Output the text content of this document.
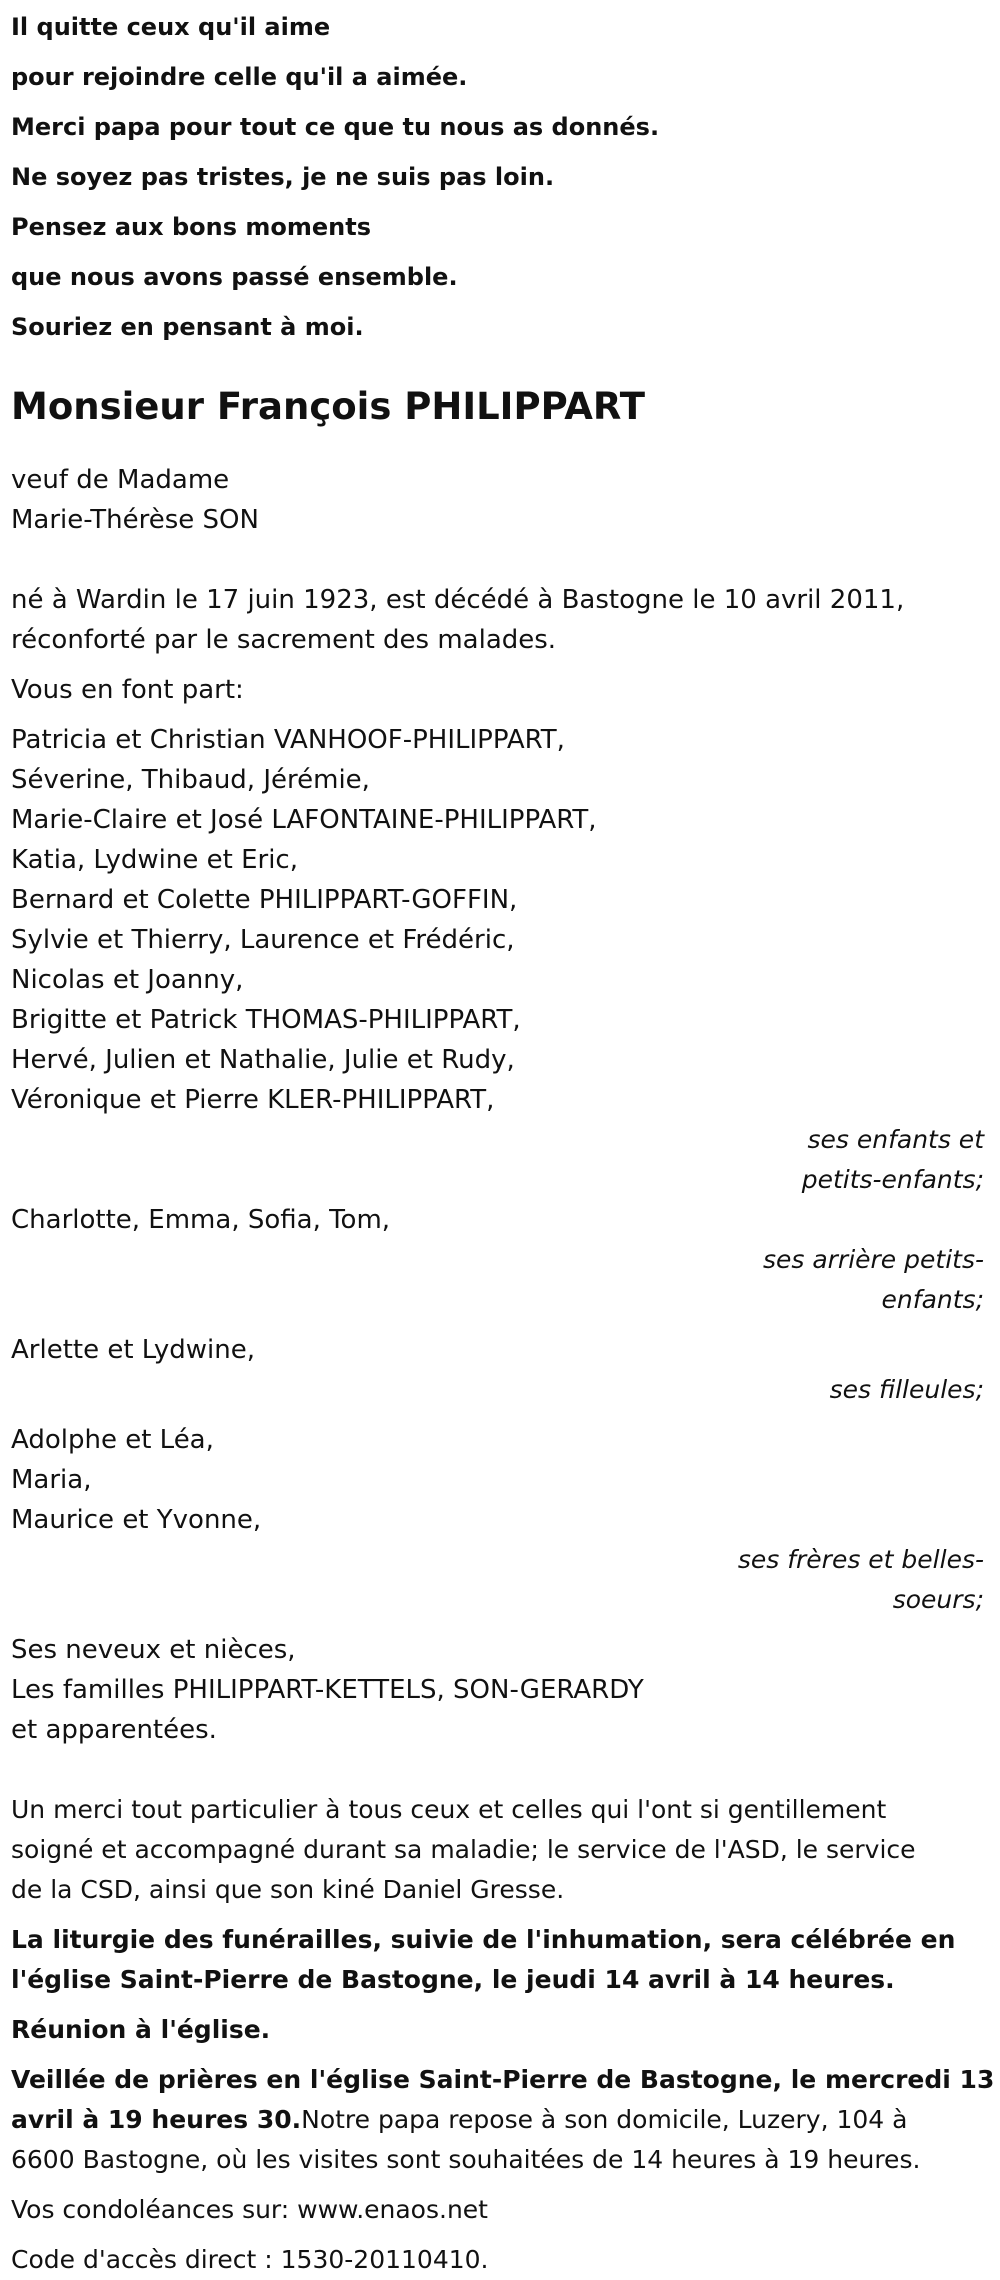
Il quitte ceux qu'il aime

pour rejoindre celle qu'il a aimée.

Merci papa pour tout ce que tu nous as donnés.

Ne soyez pas tristes, je ne suis pas loin.

Pensez aux bons moments

que nous avons passé ensemble.

Souriez en pensant à moi.

Monsieur François PHILIPPART

veuf de Madame
Marie-Thérèse SON

né à Wardin le 17 juin 1923, est décédé à Bastogne le 10 avril 2011,
réconforté par le sacrement des malades.

Vous en font part:

Patricia et Christian VANHOOF-PHILIPPART,
Séverine, Thibaud, Jérémie,
Marie-Claire et José LAFONTAINE-PHILIPPART,
Katia, Lydwine et Eric,
Bernard et Colette PHILIPPART-GOFFIN,
Sylvie et Thierry, Laurence et Frédéric,
Nicolas et Joanny,
Brigitte et Patrick THOMAS-PHILIPPART,
Hervé, Julien et Nathalie, Julie et Rudy,
Véronique et Pierre KLER-PHILIPPART,

ses enfants et
petits-enfants;

Charlotte, Emma, Sofia, Tom,

ses arrière petits-
enfants;

Arlette et Lydwine,

ses filleules;

Adolphe et Léa,
Maria,
Maurice et Yvonne,

ses frères et belles-
soeurs;

Ses neveux et nièces,
Les familles PHILIPPART-KETTELS, SON-GERARDY
et apparentées.

Un merci tout particulier à tous ceux et celles qui l'ont si gentillement
soigné et accompagné durant sa maladie; le service de l'ASD, le service
de la CSD, ainsi que son kiné Daniel Gresse.

La liturgie des funérailles, suivie de l'inhumation, sera célébrée en
l'église Saint-Pierre de Bastogne, le jeudi 14 avril à 14 heures.

Réunion à l'église.

Veillée de prières en l'église Saint-Pierre de Bastogne, le mercredi 13
avril à 19 heures 30.Notre papa repose à son domicile, Luzery, 104 à
6600 Bastogne, où les visites sont souhaitées de 14 heures à 19 heures.

Vos condoléances sur: www.enaos.net

Code d'accès direct : 1530-20110410.
